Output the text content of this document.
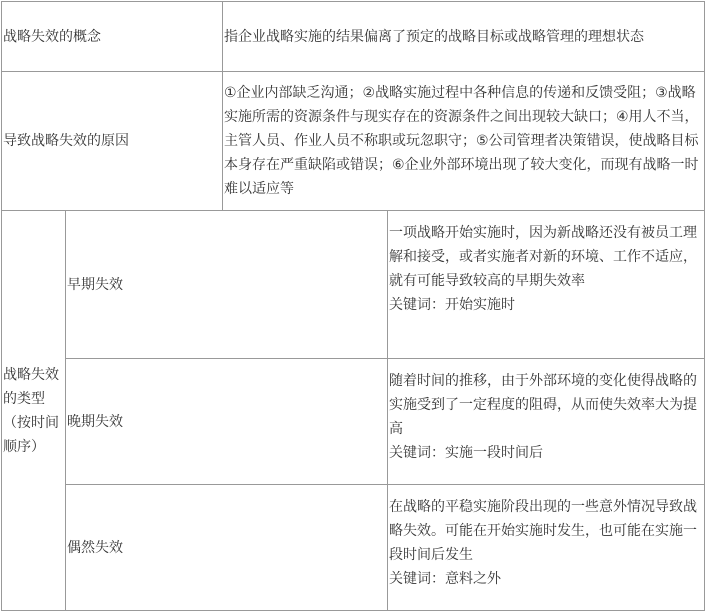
战略失效的概念		指企业战略实施的结果偏离了预定的战略目标或战略管理的理想状态	
导致战略失效的原因		①企业内部缺乏沟通；②战略实施过程中各种信息的传递和反馈受阻；③战略实施所需的资源条件与现实存在的资源条件之间出现较大缺口；④用人不当，主管人员、作业人员不称职或玩忽职守；⑤公司管理者决策错误，使战略目标本身存在严重缺陷或错误；⑥企业外部环境出现了较大变化，而现有战略一时难以适应等	
战略失效的类型（按时间顺序）	早期失效		一项战略开始实施时，因为新战略还没有被员工理解和接受，或者实施者对新的环境、工作不适应，就有可能导致较高的早期失效率
关键词：开始实施时

	晚期失效		随着时间的推移，由于外部环境的变化使得战略的实施受到了一定程度的阻碍，从而使失效率大为提高
关键词：实施一段时间后

	偶然失效		在战略的平稳实施阶段出现的一些意外情况导致战略失效。可能在开始实施时发生，也可能在实施一段时间后发生
关键词：意料之外
